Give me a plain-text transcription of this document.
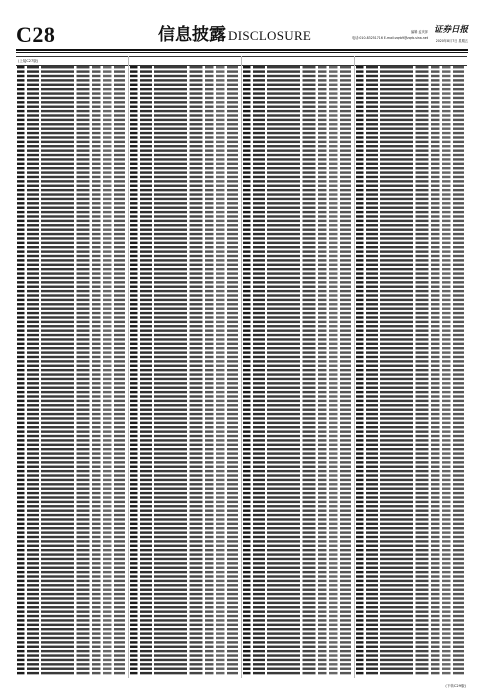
C28	信息披露 DISCLOSURE	编辑 孟庆萍
电话:010-83251716 E-mail:zqrb9@zqrb.sina.net
证券日报
2020年8月7日 星期五
(上接C27版)
(下转C29版)
